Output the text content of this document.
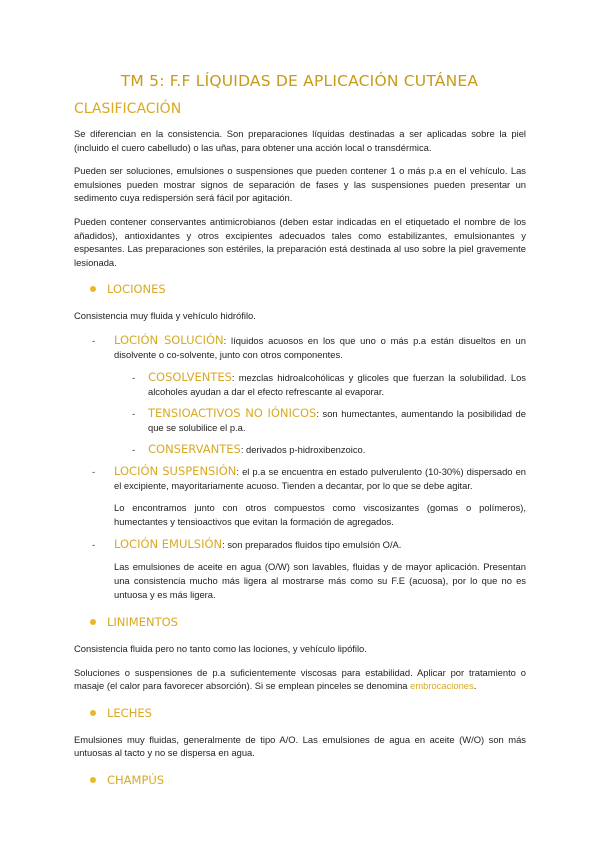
TM 5: F.F LÍQUIDAS DE APLICACIÓN CUTÁNEA
CLASIFICACIÓN

Se diferencian en la consistencia. Son preparaciones líquidas destinadas a ser aplicadas sobre la piel (incluido el cuero cabelludo) o las uñas, para obtener una acción local o transdérmica.

Pueden ser soluciones, emulsiones o suspensiones que pueden contener 1 o más p.a en el vehículo. Las emulsiones pueden mostrar signos de separación de fases y las suspensiones pueden presentar un sedimento cuya redispersión será fácil por agitación.

Pueden contener conservantes antimicrobianos (deben estar indicadas en el etiquetado el nombre de los añadidos), antioxidantes y otros excipientes adecuados tales como estabilizantes, emulsionantes y espesantes. Las preparaciones son estériles, la preparación está destinada al uso sobre la piel gravemente lesionada.

LOCIONES

Consistencia muy fluida y vehículo hidrófilo.

-	LOCIÓN SOLUCIÓN: líquidos acuosos en los que uno o más p.a están disueltos en un disolvente o co-solvente, junto con otros componentes.
-	COSOLVENTES: mezclas hidroalcohólicas y glicoles que fuerzan la solubilidad. Los alcoholes ayudan a dar el efecto refrescante al evaporar.
-	TENSIOACTIVOS NO IÓNICOS: son humectantes, aumentando la posibilidad de que se solubilice el p.a.
-	CONSERVANTES: derivados p-hidroxibenzoico.
-	LOCIÓN SUSPENSIÓN: el p.a se encuentra en estado pulverulento (10-30%) dispersado en el excipiente, mayoritariamente acuoso. Tienden a decantar, por lo que se debe agitar.
Lo encontramos junto con otros compuestos como viscosizantes (gomas o polímeros), humectantes y tensioactivos que evitan la formación de agregados.
-	LOCIÓN EMULSIÓN: son preparados fluidos tipo emulsión O/A.
Las emulsiones de aceite en agua (O/W) son lavables, fluidas y de mayor aplicación. Presentan una consistencia mucho más ligera al mostrarse más como su F.E (acuosa), por lo que no es untuosa y es más ligera.
LINIMENTOS

Consistencia fluida pero no tanto como las lociones, y vehículo lipófilo.

Soluciones o suspensiones de p.a suficientemente viscosas para estabilidad. Aplicar por tratamiento o masaje (el calor para favorecer absorción). Si se emplean pinceles se denomina embrocaciones.

LECHES

Emulsiones muy fluidas, generalmente de tipo A/O. Las emulsiones de agua en aceite (W/O) son más untuosas al tacto y no se dispersa en agua.

CHAMPÚS
